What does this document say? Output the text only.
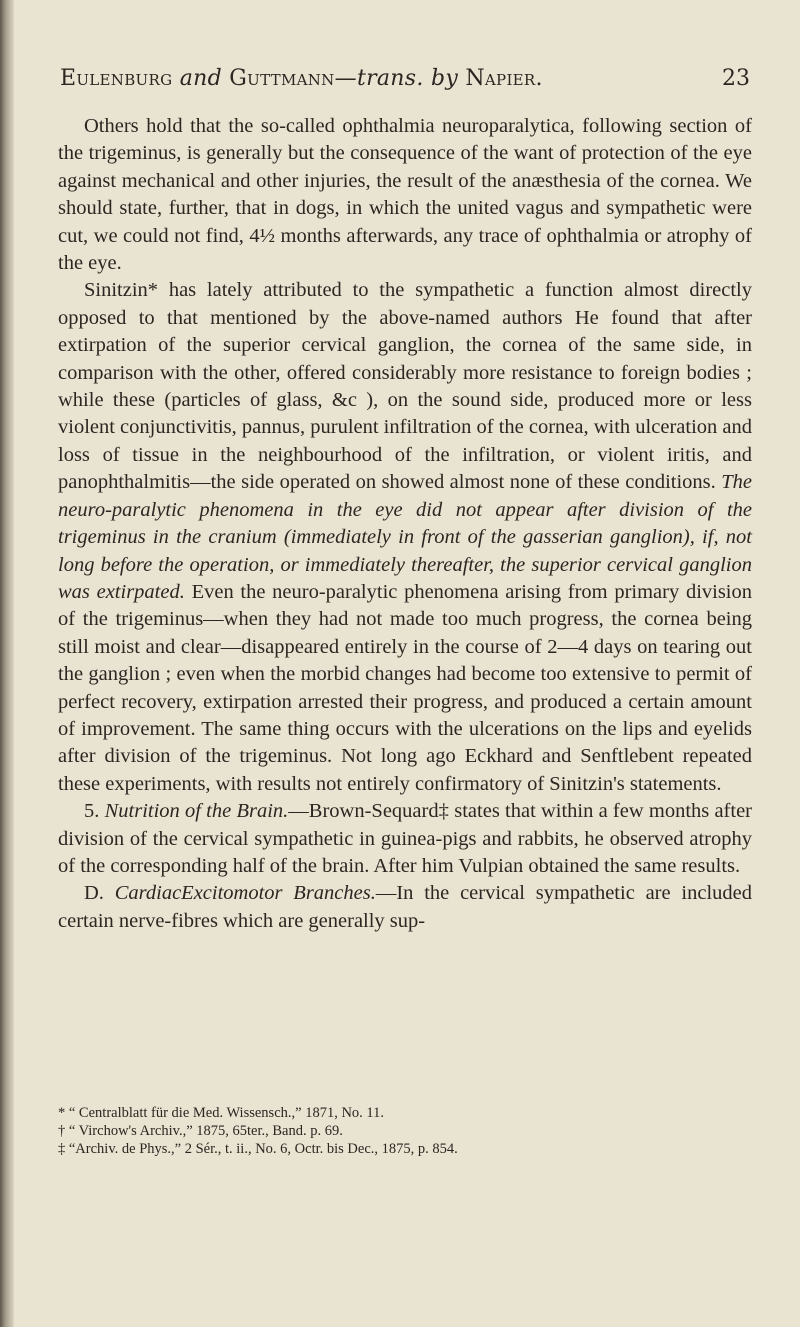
Eulenburg and Guttmann—trans. by Napier.	23

Others hold that the so-called ophthalmia neuroparalytica, following section of the trigeminus, is generally but the consequence of the want of protection of the eye against mechanical and other injuries, the result of the anæsthesia of the cornea. We should state, further, that in dogs, in which the united vagus and sympathetic were cut, we could not find, 4½ months afterwards, any trace of ophthalmia or atrophy of the eye.

Sinitzin* has lately attributed to the sympathetic a function almost directly opposed to that mentioned by the above-named authors He found that after extirpation of the superior cervical ganglion, the cornea of the same side, in comparison with the other, offered considerably more resistance to foreign bodies ; while these (particles of glass, &c ), on the sound side, produced more or less violent conjunctivitis, pannus, purulent infiltration of the cornea, with ulceration and loss of tissue in the neighbourhood of the infiltration, or violent iritis, and panophthalmitis—the side operated on showed almost none of these conditions. The neuro-paralytic phenomena in the eye did not appear after division of the trigeminus in the cranium (immediately in front of the gasserian ganglion), if, not long before the operation, or immediately thereafter, the superior cervical ganglion was extirpated. Even the neuro-paralytic phenomena arising from primary division of the trigeminus—when they had not made too much progress, the cornea being still moist and clear—disappeared entirely in the course of 2—4 days on tearing out the ganglion ; even when the morbid changes had become too extensive to permit of perfect recovery, extirpation arrested their progress, and produced a certain amount of improvement. The same thing occurs with the ulcerations on the lips and eyelids after division of the trigeminus. Not long ago Eckhard and Senftlebent repeated these experiments, with results not entirely confirmatory of Sinitzin's statements.

5. Nutrition of the Brain.—Brown-Sequard‡ states that within a few months after division of the cervical sympathetic in guinea-pigs and rabbits, he observed atrophy of the corresponding half of the brain. After him Vulpian obtained the same results.

D. CardiacExcitomotor Branches.—In the cervical sympathetic are included certain nerve-fibres which are generally sup-

* “ Centralblatt für die Med. Wissensch.,” 1871, No. 11.

† “ Virchow's Archiv.,” 1875, 65ter., Band. p. 69.

‡ “Archiv. de Phys.,” 2 Sér., t. ii., No. 6, Octr. bis Dec., 1875, p. 854.
